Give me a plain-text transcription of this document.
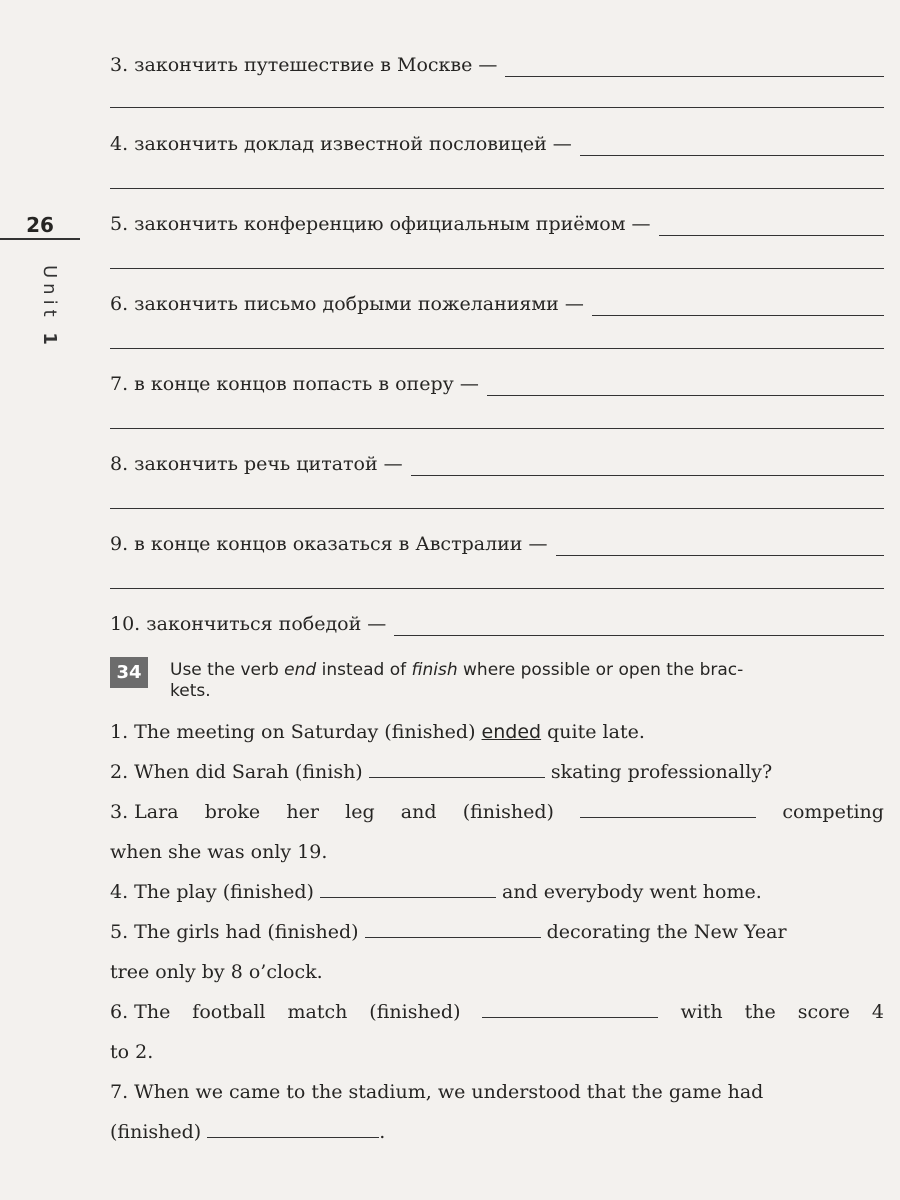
26
Unit 1
3. закончить путешествие в Москве —
4. закончить доклад известной пословицей —
5. закончить конференцию официальным приёмом —
6. закончить письмо добрыми пожеланиями —
7. в конце концов попасть в оперу —
8. закончить речь цитатой —
9. в конце концов оказаться в Австралии —
10. закончиться победой —
34	Use the verb end instead of finish where possible or open the brac-
kets.
1. The meeting on Saturday (finished) ended quite late.
2. When did Sarah (finish)	skating professionally?
3. Lara broke her leg and (finished)	competing
when she was only 19.
4. The play (finished)	and everybody went home.
5. The girls had (finished)	decorating the New Year
tree only by 8 o’clock.
6. The football match (finished)	with the score 4
to 2.
7. When we came to the stadium, we understood that the game had
(finished)	.
